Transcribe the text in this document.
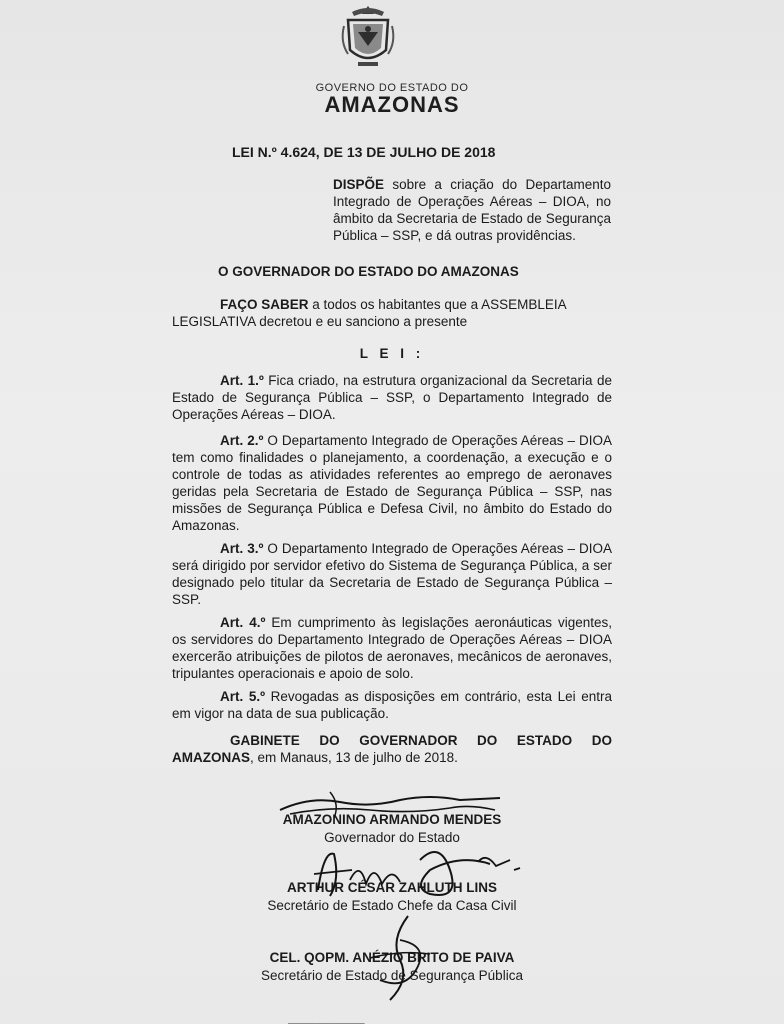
GOVERNO DO ESTADO DO
AMAZONAS
LEI N.º 4.624, DE 13 DE JULHO DE 2018
DISPÕE sobre a criação do Departamento Integrado de Operações Aéreas – DIOA, no âmbito da Secretaria de Estado de Segurança Pública – SSP, e dá outras providências.
O GOVERNADOR DO ESTADO DO AMAZONAS
FAÇO SABER a todos os habitantes que a ASSEMBLEIA LEGISLATIVA decretou e eu sanciono a presente
L E I :
Art. 1.º Fica criado, na estrutura organizacional da Secretaria de Estado de Segurança Pública – SSP, o Departamento Integrado de Operações Aéreas – DIOA.
Art. 2.º O Departamento Integrado de Operações Aéreas – DIOA tem como finalidades o planejamento, a coordenação, a execução e o controle de todas as atividades referentes ao emprego de aeronaves geridas pela Secretaria de Estado de Segurança Pública – SSP, nas missões de Segurança Pública e Defesa Civil, no âmbito do Estado do Amazonas.
Art. 3.º O Departamento Integrado de Operações Aéreas – DIOA será dirigido por servidor efetivo do Sistema de Segurança Pública, a ser designado pelo titular da Secretaria de Estado de Segurança Pública – SSP.
Art. 4.º Em cumprimento às legislações aeronáuticas vigentes, os servidores do Departamento Integrado de Operações Aéreas – DIOA exercerão atribuições de pilotos de aeronaves, mecânicos de aeronaves, tripulantes operacionais e apoio de solo.
Art. 5.º Revogadas as disposições em contrário, esta Lei entra em vigor na data de sua publicação.
GABINETE DO GOVERNADOR DO ESTADO DO AMAZONAS, em Manaus, 13 de julho de 2018.
AMAZONINO ARMANDO MENDES
Governador do Estado
ARTHUR CÉSAR ZAHLUTH LINS
Secretário de Estado Chefe da Casa Civil
CEL. QOPM. ANÉZIO BRITO DE PAIVA
Secretário de Estado de Segurança Pública
────────
